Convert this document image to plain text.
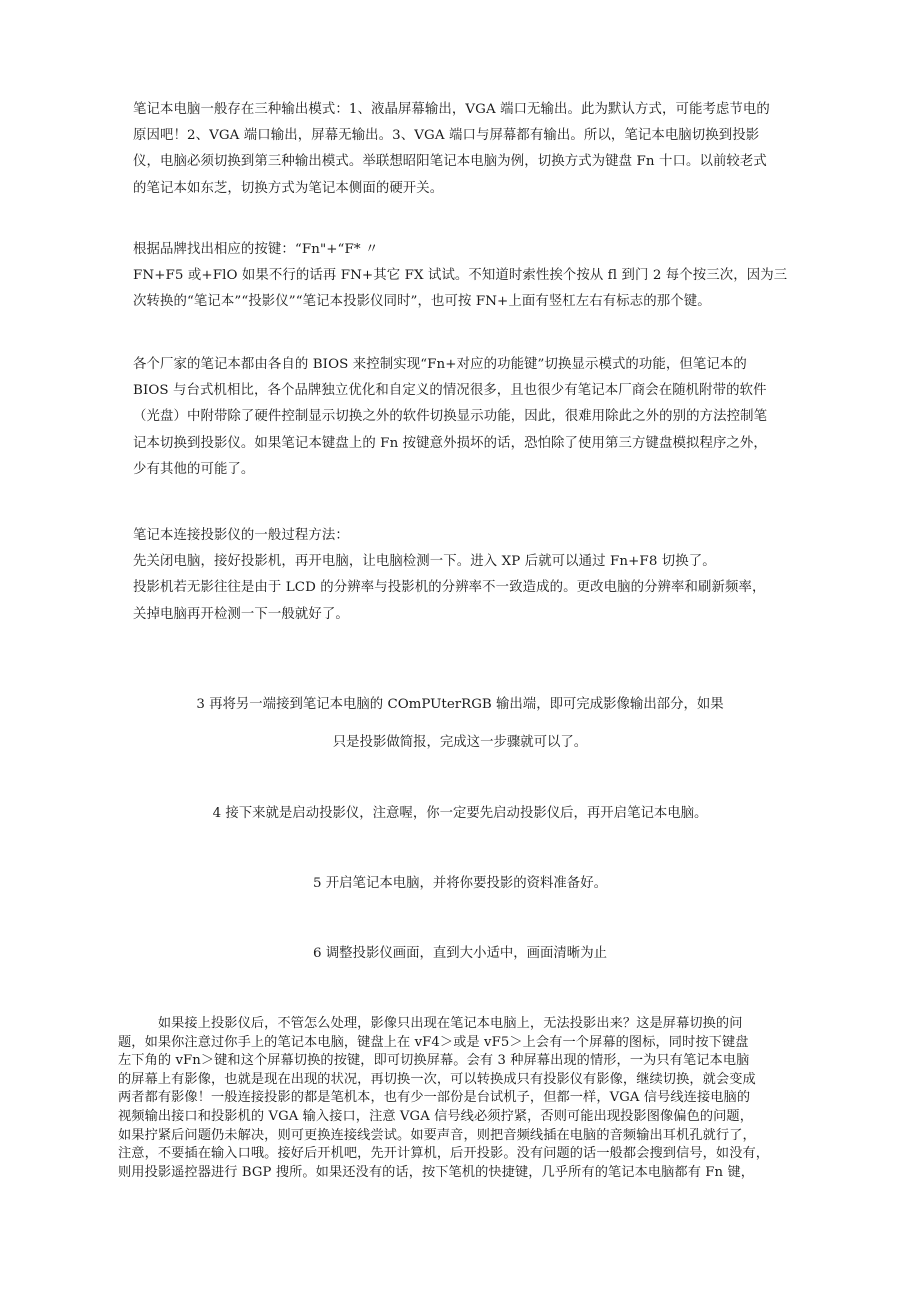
笔记本电脑一般存在三种输出模式：1、液晶屏幕输出，VGA 端口无输出。此为默认方式，可能考虑节电的
原因吧！2、VGA 端口输出，屏幕无输出。3、VGA 端口与屏幕都有输出。所以，笔记本电脑切换到投影
仪，电脑必须切换到第三种输出模式。举联想昭阳笔记本电脑为例，切换方式为键盘 Fn 十口。以前较老式
的笔记本如东芝，切换方式为笔记本侧面的硬开关。
根据品牌找出相应的按键：“Fn"+“F* 〃
FN+F5 或+FlO 如果不行的话再 FN+其它 FX 试试。不知道时索性挨个按从 fl 到门 2 每个按三次，因为三
次转换的“笔记本”“投影仪”“笔记本投影仪同时”，也可按 FN+上面有竖杠左右有标志的那个键。
各个厂家的笔记本都由各自的 BIOS 来控制实现“Fn+对应的功能键”切换显示模式的功能，但笔记本的
BIOS 与台式机相比，各个品牌独立优化和自定义的情况很多，且也很少有笔记本厂商会在随机附带的软件
（光盘）中附带除了硬件控制显示切换之外的软件切换显示功能，因此，很难用除此之外的别的方法控制笔
记本切换到投影仪。如果笔记本键盘上的 Fn 按键意外损坏的话，恐怕除了使用第三方键盘模拟程序之外，
少有其他的可能了。
笔记本连接投影仪的一般过程方法：
先关闭电脑，接好投影机，再开电脑，让电脑检测一下。进入 XP 后就可以通过 Fn+F8 切换了。
投影机若无影往往是由于 LCD 的分辨率与投影机的分辨率不一致造成的。更改电脑的分辨率和刷新频率，
关掉电脑再开检测一下一般就好了。
3 再将另一端接到笔记本电脑的 COmPUterRGB 输出端，即可完成影像输出部分，如果
只是投影做简报，完成这一步骤就可以了。
4 接下来就是启动投影仪，注意喔，你一定要先启动投影仪后，再开启笔记本电脑。
5 开启笔记本电脑，并将你要投影的资料准备好。
6 调整投影仪画面，直到大小适中，画面清晰为止
　　　如果接上投影仪后，不管怎么处理，影像只出现在笔记本电脑上，无法投影出来？这是屏幕切换的问
题，如果你注意过你手上的笔记本电脑，键盘上在 vF4＞或是 vF5＞上会有一个屏幕的图标，同时按下键盘
左下角的 vFn＞键和这个屏幕切换的按键，即可切换屏幕。会有 3 种屏幕出现的情形，一为只有笔记本电脑
的屏幕上有影像，也就是现在出现的状况，再切换一次，可以转换成只有投影仪有影像，继续切换，就会变成
两者都有影像！一般连接投影的都是笔机本，也有少一部份是台试机子，但都一样，VGA 信号线连接电脑的
视频输出接口和投影机的 VGA 输入接口，注意 VGA 信号线必须拧紧，否则可能出现投影图像偏色的问题，
如果拧紧后问题仍未解决，则可更换连接线尝试。如要声音，则把音频线插在电脑的音频输出耳机孔就行了，
注意，不要插在输入口哦。接好后开机吧，先开计算机，后开投影。没有问题的话一般都会搜到信号，如没有，
则用投影遥控器进行 BGP 搜所。如果还没有的话，按下笔机的快捷键，几乎所有的笔记本电脑都有 Fn 键，
